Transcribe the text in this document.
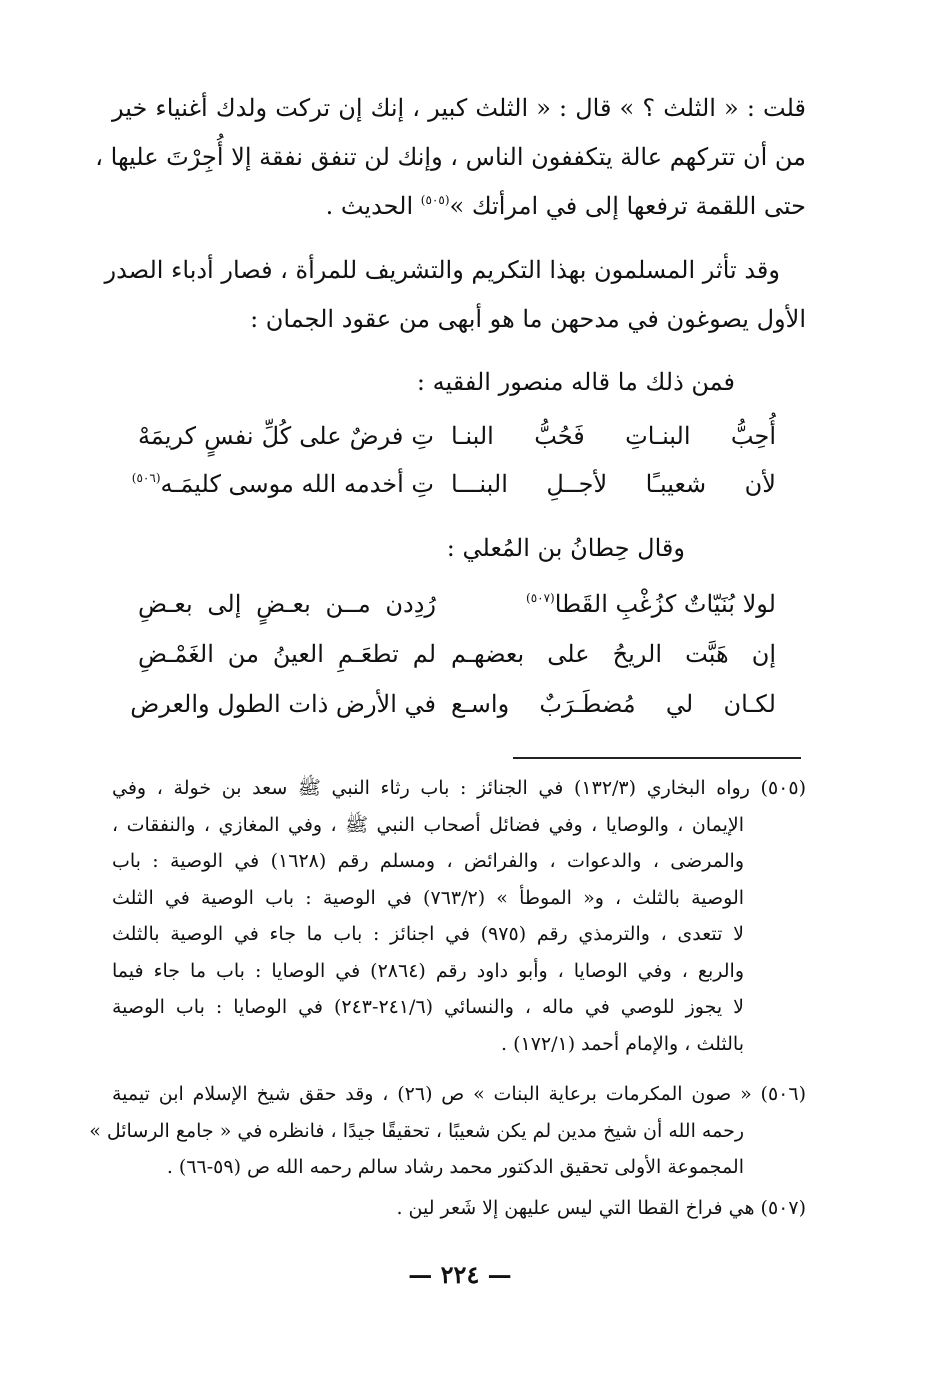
قلت : « الثلث ؟ » قال : « الثلث كبير ، إنك إن تركت ولدك أغنياء خير
من أن تتركهم عالة يتكففون الناس ، وإنك لن تنفق نفقة إلا أُجِرْتَ عليها ،
حتى اللقمة ترفعها إلى في امرأتك »$^{(٥٠٥)}$ الحديث .
وقد تأثر المسلمون بهذا التكريم والتشريف للمرأة ، فصار أدباء الصدر
الأول يصوغون في مدحهن ما هو أبهى من عقود الجمان :
فمن ذلك ما قاله منصور الفقيه :
أُحِبُّ البنـاتِ فَحُبُّ البنـا
تِ فرضٌ على كُلِّ نفسٍ كريمَهْ
لأن شعيبـًا لأجــلِ البنـــا
تِ أخدمه الله موسى كليمَـه$^{(٥٠٦)}$
وقال حِطانُ بن المُعلي :
لولا بُنَيّاتٌ كزُغْبِ القَطا$^{(٥٠٧)}$
رُدِدن مــن بعـضٍ إلى بعـضِ
إن هَبَّت الريحُ على بعضهـم
لم تطعَـمِ العينُ من الغَمْـضِ
لكـان لي مُضطَـرَبٌ واسـع
في الأرض ذات الطول والعرض
(٥٠٥) رواه البخاري (١٣٢/٣) في الجنائز : باب رثاء النبي ﷺ سعد بن خولة ، وفي
الإيمان ، والوصايا ، وفي فضائل أصحاب النبي ﷺ ، وفي المغازي ، والنفقات ،
والمرضى ، والدعوات ، والفرائض ، ومسلم رقم (١٦٢٨) في الوصية : باب
الوصية بالثلث ، و« الموطأ » (٧٦٣/٢) في الوصية : باب الوصية في الثلث
لا تتعدى ، والترمذي رقم (٩٧٥) في اجنائز : باب ما جاء في الوصية بالثلث
والربع ، وفي الوصايا ، وأبو داود رقم (٢٨٦٤) في الوصايا : باب ما جاء فيما
لا يجوز للوصي في ماله ، والنسائي (٢٤١/٦-٢٤٣) في الوصايا : باب الوصية
بالثلث ، والإمام أحمد (١٧٢/١) .
(٥٠٦) « صون المكرمات برعاية البنات » ص (٢٦) ، وقد حقق شيخ الإسلام ابن تيمية
رحمه الله أن شيخ مدين لم يكن شعيبًا ، تحقيقًا جيدًا ، فانظره في « جامع الرسائل »
المجموعة الأولى تحقيق الدكتور محمد رشاد سالم رحمه الله ص (٥٩-٦٦) .
(٥٠٧) هي فراخ القطا التي ليس عليهن إلا شَعر لين .
— ٢٢٤ —
